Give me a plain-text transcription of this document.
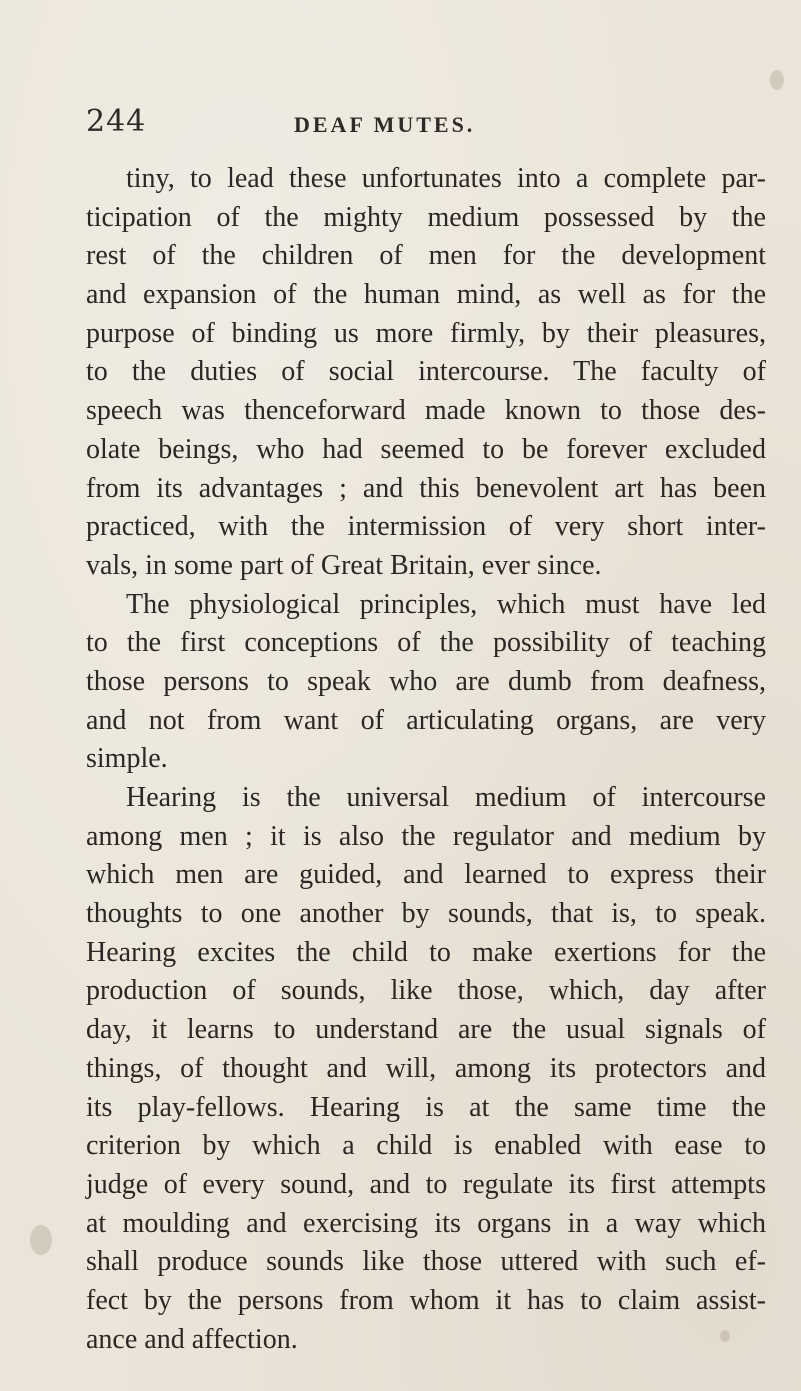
244	DEAF MUTES.
tiny, to lead these unfortunates into a complete par-
ticipation of the mighty medium possessed by the
rest of the children of men for the development
and expansion of the human mind, as well as for the
purpose of binding us more firmly, by their pleasures,
to the duties of social intercourse. The faculty of
speech was thenceforward made known to those des-
olate beings, who had seemed to be forever excluded
from its advantages ; and this benevolent art has been
practiced, with the intermission of very short inter-
vals, in some part of Great Britain, ever since.
The physiological principles, which must have led
to the first conceptions of the possibility of teaching
those persons to speak who are dumb from deafness,
and not from want of articulating organs, are very
simple.
Hearing is the universal medium of intercourse
among men ; it is also the regulator and medium by
which men are guided, and learned to express their
thoughts to one another by sounds, that is, to speak.
Hearing excites the child to make exertions for the
production of sounds, like those, which, day after
day, it learns to understand are the usual signals of
things, of thought and will, among its protectors and
its play-fellows. Hearing is at the same time the
criterion by which a child is enabled with ease to
judge of every sound, and to regulate its first attempts
at moulding and exercising its organs in a way which
shall produce sounds like those uttered with such ef-
fect by the persons from whom it has to claim assist-
ance and affection.
